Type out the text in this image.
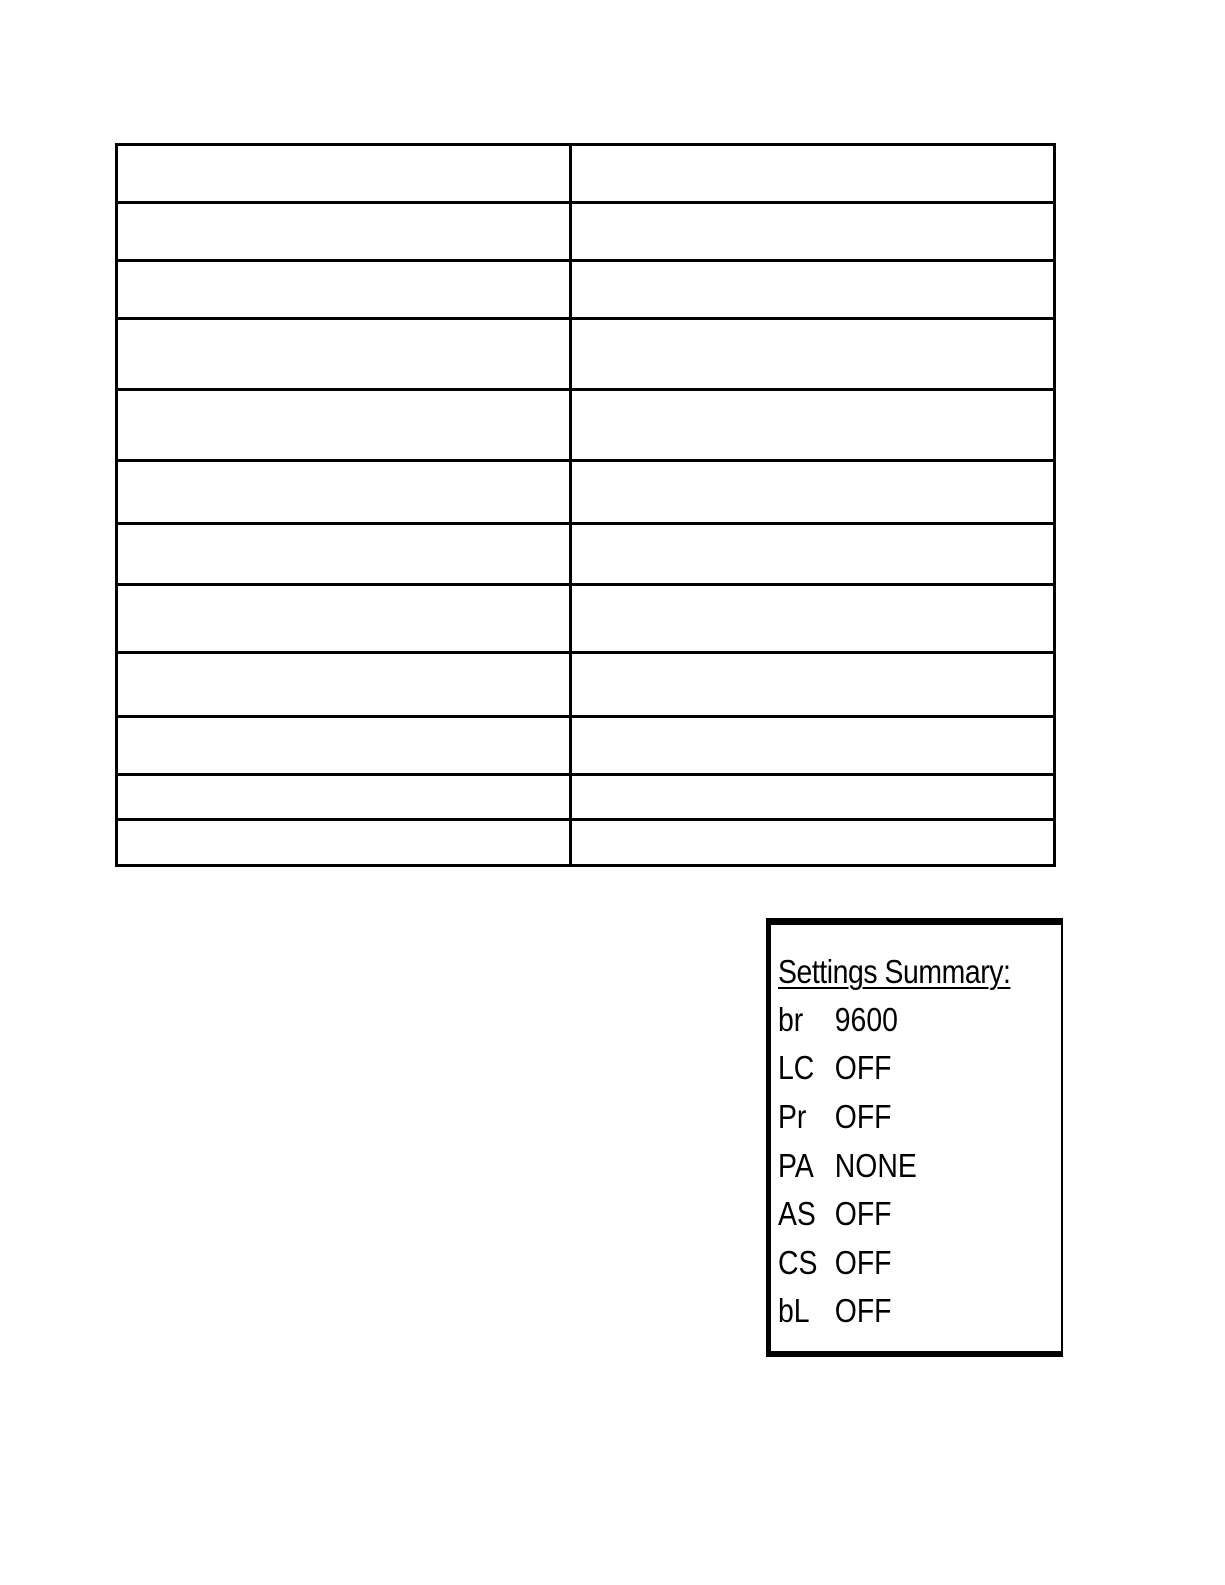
Settings Summary:
br 9600
LC OFF
Pr OFF
PA NONE
AS OFF
CS OFF
bL OFF
